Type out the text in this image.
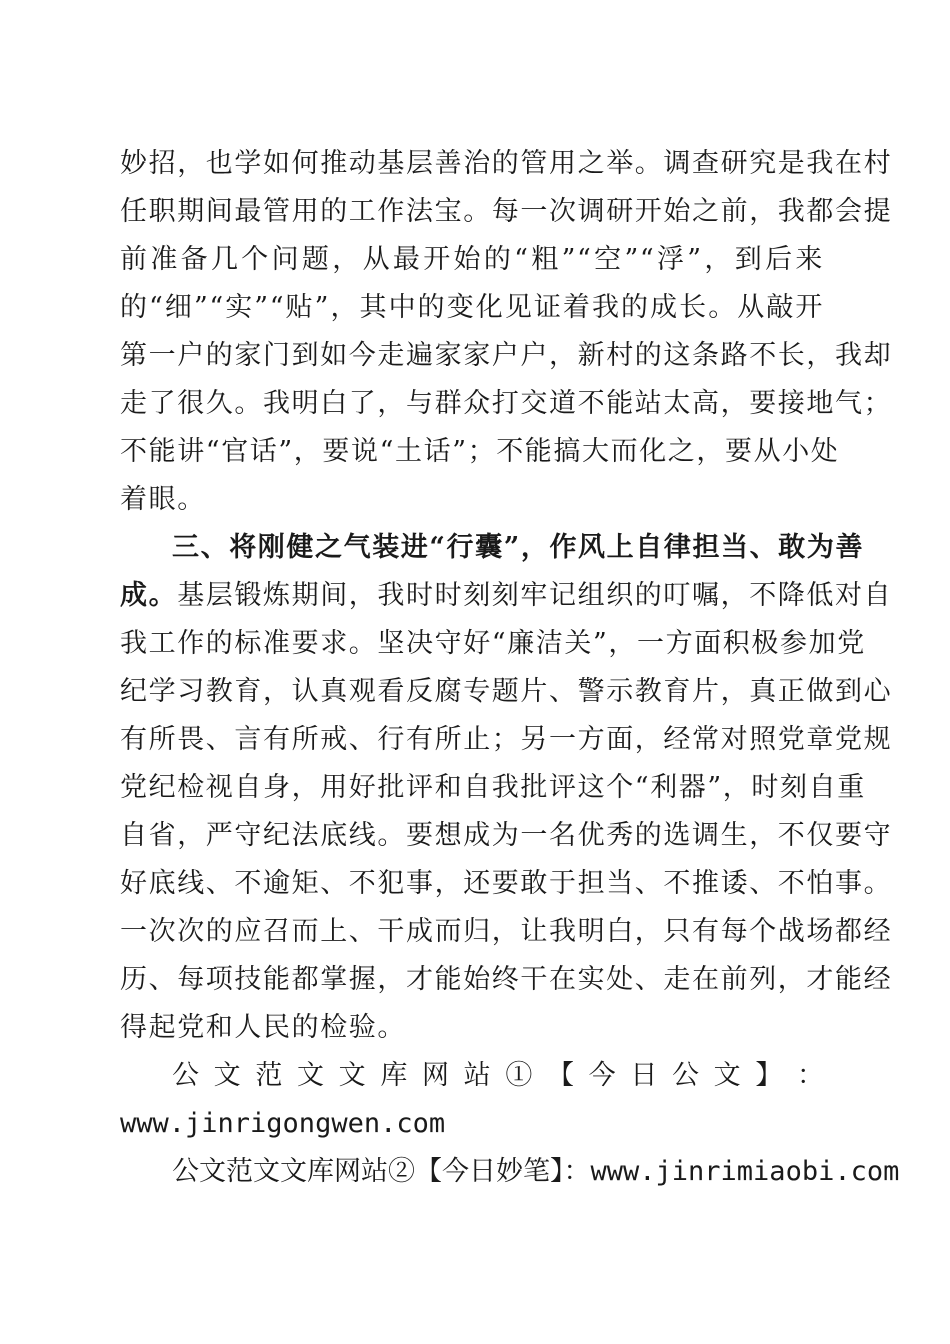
妙招，也学如何推动基层善治的管用之举。调查研究是我在村
任职期间最管用的工作法宝。每一次调研开始之前，我都会提
前准备几个问题，从最开始的“粗”“空”“浮”，到后来
的“细”“实”“贴”，其中的变化见证着我的成长。从敲开
第一户的家门到如今走遍家家户户，新村的这条路不长，我却
走了很久。我明白了，与群众打交道不能站太高，要接地气；
不能讲“官话”，要说“土话”；不能搞大而化之，要从小处
着眼。
三、将刚健之气装进“行囊”，作风上自律担当、敢为善
成。基层锻炼期间，我时时刻刻牢记组织的叮嘱，不降低对自
我工作的标准要求。坚决守好“廉洁关”，一方面积极参加党
纪学习教育，认真观看反腐专题片、警示教育片，真正做到心
有所畏、言有所戒、行有所止；另一方面，经常对照党章党规
党纪检视自身，用好批评和自我批评这个“利器”，时刻自重
自省，严守纪法底线。要想成为一名优秀的选调生，不仅要守
好底线、不逾矩、不犯事，还要敢于担当、不推诿、不怕事。
一次次的应召而上、干成而归，让我明白，只有每个战场都经
历、每项技能都掌握，才能始终干在实处、走在前列，才能经
得起党和人民的检验。
公 文 范 文 文 库 网 站 ① 【 今 日 公 文 】 ：
www.jinrigongwen.com
公文范文文库网站②【今日妙笔】：www.jinrimiaobi.com
